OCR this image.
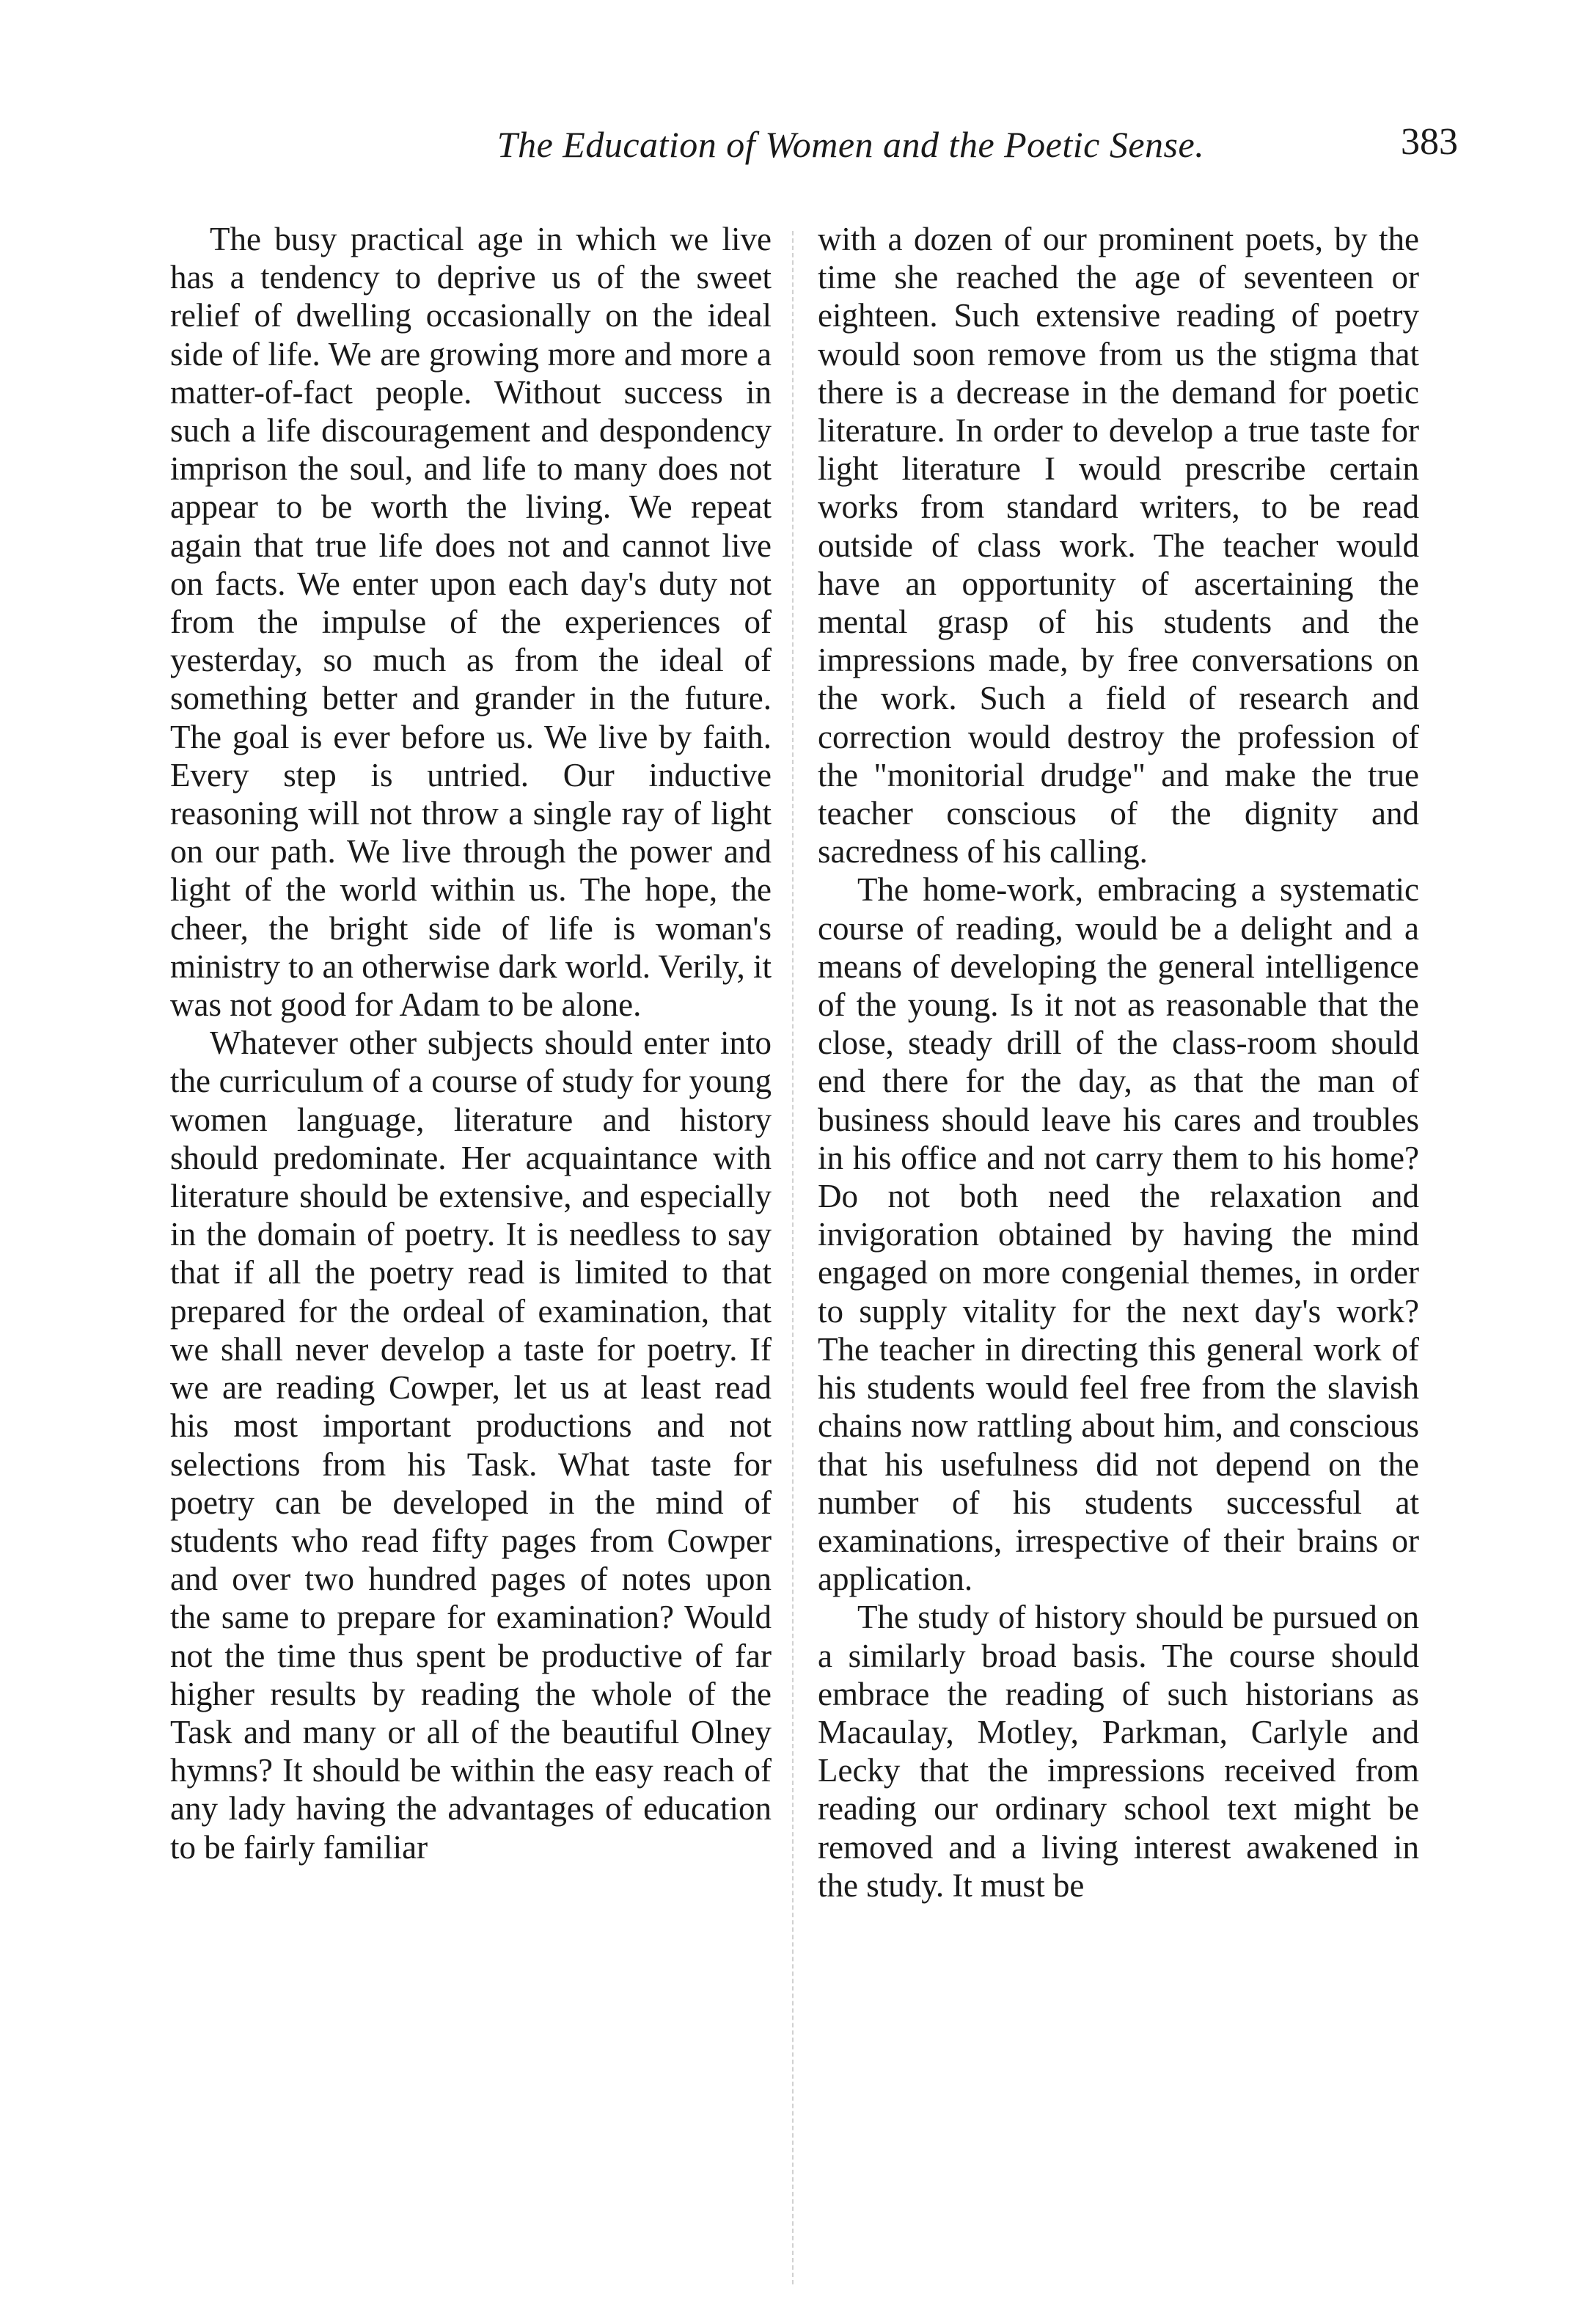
The Education of Women and the Poetic Sense.	383

The busy practical age in which we live has a tendency to deprive us of the sweet relief of dwelling occasionally on the ideal side of life. We are growing more and more a matter-of-fact people. Without success in such a life discouragement and despondency imprison the soul, and life to many does not appear to be worth the living. We repeat again that true life does not and cannot live on facts. We enter upon each day's duty not from the impulse of the experiences of yesterday, so much as from the ideal of something better and grander in the future. The goal is ever before us. We live by faith. Every step is untried. Our inductive reasoning will not throw a single ray of light on our path. We live through the power and light of the world within us. The hope, the cheer, the bright side of life is woman's ministry to an otherwise dark world. Verily, it was not good for Adam to be alone.

Whatever other subjects should enter into the curriculum of a course of study for young women language, literature and history should predominate. Her acquaintance with literature should be extensive, and especially in the domain of poetry. It is needless to say that if all the poetry read is limited to that prepared for the ordeal of examination, that we shall never develop a taste for poetry. If we are reading Cowper, let us at least read his most important productions and not selections from his Task. What taste for poetry can be developed in the mind of students who read fifty pages from Cowper and over two hundred pages of notes upon the same to prepare for examination? Would not the time thus spent be productive of far higher results by reading the whole of the Task and many or all of the beautiful Olney hymns? It should be within the easy reach of any lady having the advantages of education to be fairly familiar

with a dozen of our prominent poets, by the time she reached the age of seventeen or eighteen. Such extensive reading of poetry would soon remove from us the stigma that there is a decrease in the demand for poetic literature. In order to develop a true taste for light literature I would prescribe certain works from standard writers, to be read outside of class work. The teacher would have an opportunity of ascertaining the mental grasp of his students and the impressions made, by free conversations on the work. Such a field of research and correction would destroy the profession of the "monitorial drudge" and make the true teacher conscious of the dignity and sacredness of his calling.

The home-work, embracing a systematic course of reading, would be a delight and a means of developing the general intelligence of the young. Is it not as reasonable that the close, steady drill of the class-room should end there for the day, as that the man of business should leave his cares and troubles in his office and not carry them to his home? Do not both need the relaxation and invigoration obtained by having the mind engaged on more congenial themes, in order to supply vitality for the next day's work? The teacher in directing this general work of his students would feel free from the slavish chains now rattling about him, and conscious that his usefulness did not depend on the number of his students successful at examinations, irrespective of their brains or application.

The study of history should be pursued on a similarly broad basis. The course should embrace the reading of such historians as Macaulay, Motley, Parkman, Carlyle and Lecky that the impressions received from reading our ordinary school text might be removed and a living interest awakened in the study. It must be
